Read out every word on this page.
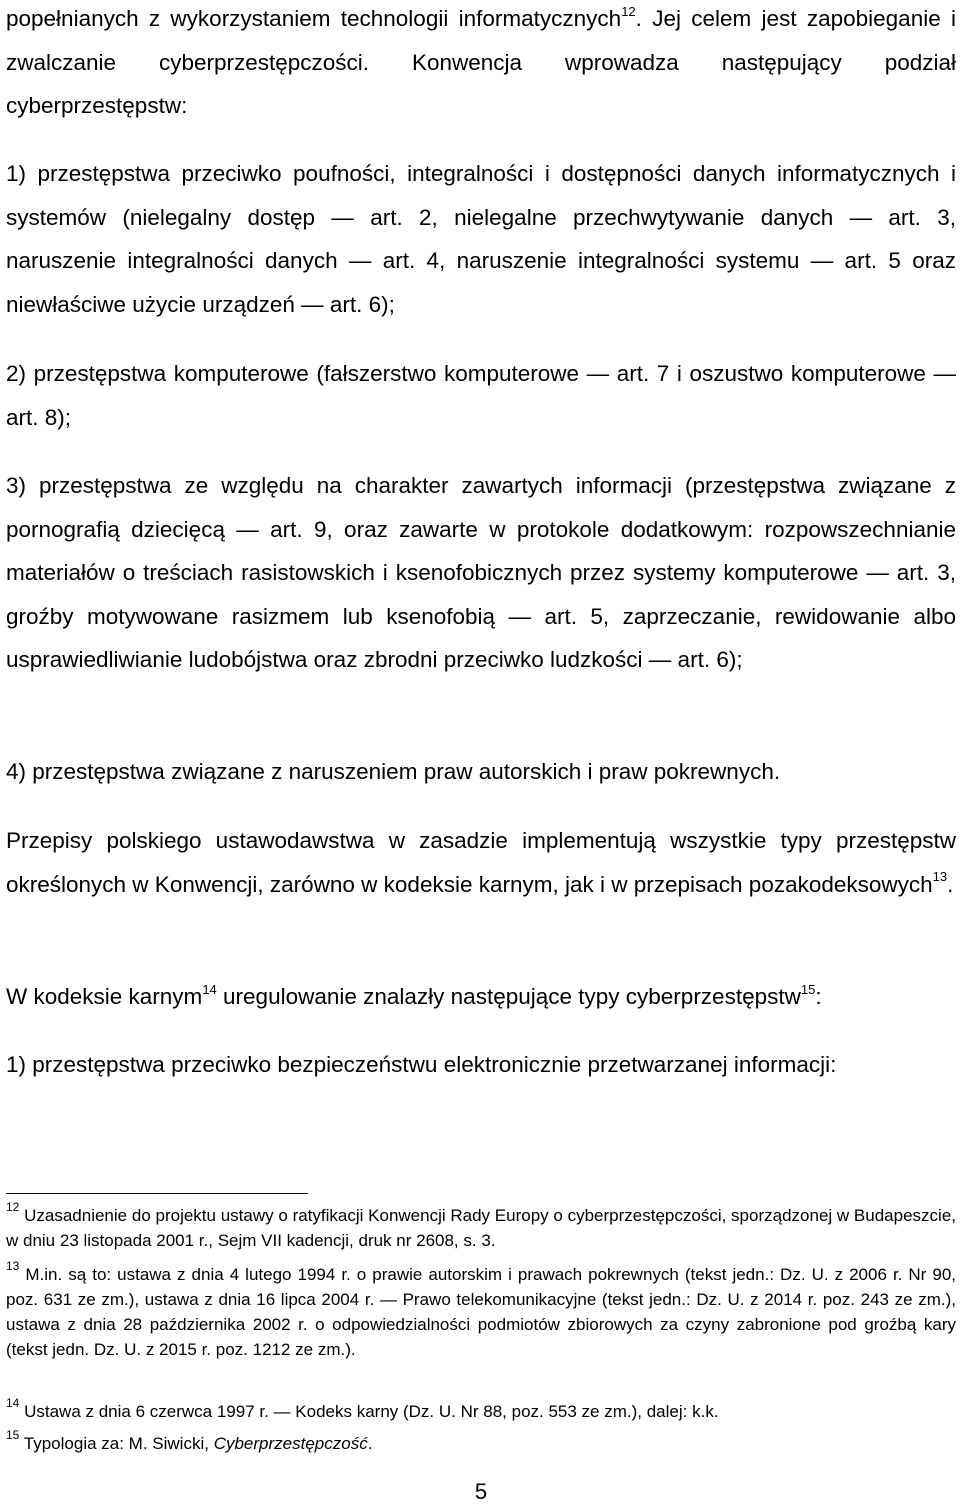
popełnianych z wykorzystaniem technologii informatycznych$^{12}$. Jej celem jest zapobieganie i zwalczanie cyberprzestępczości. Konwencja wprowadza następujący podział cyberprzestępstw:

1) przestępstwa przeciwko poufności, integralności i dostępności danych informatycznych i systemów (nielegalny dostęp — art. 2, nielegalne przechwytywanie danych — art. 3, naruszenie integralności danych — art. 4, naruszenie integralności systemu — art. 5 oraz niewłaściwe użycie urządzeń — art. 6);

2) przestępstwa komputerowe (fałszerstwo komputerowe — art. 7 i oszustwo komputerowe — art. 8);

3) przestępstwa ze względu na charakter zawartych informacji (przestępstwa związane z pornografią dziecięcą — art. 9, oraz zawarte w protokole dodatkowym: rozpowszechnianie materiałów o treściach rasistowskich i ksenofobicznych przez systemy komputerowe — art. 3, groźby motywowane rasizmem lub ksenofobią — art. 5, zaprzeczanie, rewidowanie albo usprawiedliwianie ludobójstwa oraz zbrodni przeciwko ludzkości — art. 6);

4) przestępstwa związane z naruszeniem praw autorskich i praw pokrewnych.

Przepisy polskiego ustawodawstwa w zasadzie implementują wszystkie typy przestępstw określonych w Konwencji, zarówno w kodeksie karnym, jak i w przepisach pozakodeksowych$^{13}$.

W kodeksie karnym$^{14}$ uregulowanie znalazły następujące typy cyberprzestępstw$^{15}$:

1) przestępstwa przeciwko bezpieczeństwu elektronicznie przetwarzanej informacji:

$^{12}$ Uzasadnienie do projektu ustawy o ratyfikacji Konwencji Rady Europy o cyberprzestępczości, sporządzonej w Budapeszcie, w dniu 23 listopada 2001 r., Sejm VII kadencji, druk nr 2608, s. 3.

$^{13}$ M.in. są to: ustawa z dnia 4 lutego 1994 r. o prawie autorskim i prawach pokrewnych (tekst jedn.: Dz. U. z 2006 r. Nr 90, poz. 631 ze zm.), ustawa z dnia 16 lipca 2004 r. — Prawo telekomunikacyjne (tekst jedn.: Dz. U. z 2014 r. poz. 243 ze zm.), ustawa z dnia 28 października 2002 r. o odpowiedzialności podmiotów zbiorowych za czyny zabronione pod groźbą kary (tekst jedn. Dz. U. z 2015 r. poz. 1212 ze zm.).

$^{14}$ Ustawa z dnia 6 czerwca 1997 r. — Kodeks karny (Dz. U. Nr 88, poz. 553 ze zm.), dalej: k.k.

$^{15}$ Typologia za: M. Siwicki, Cyberprzestępczość.

5
